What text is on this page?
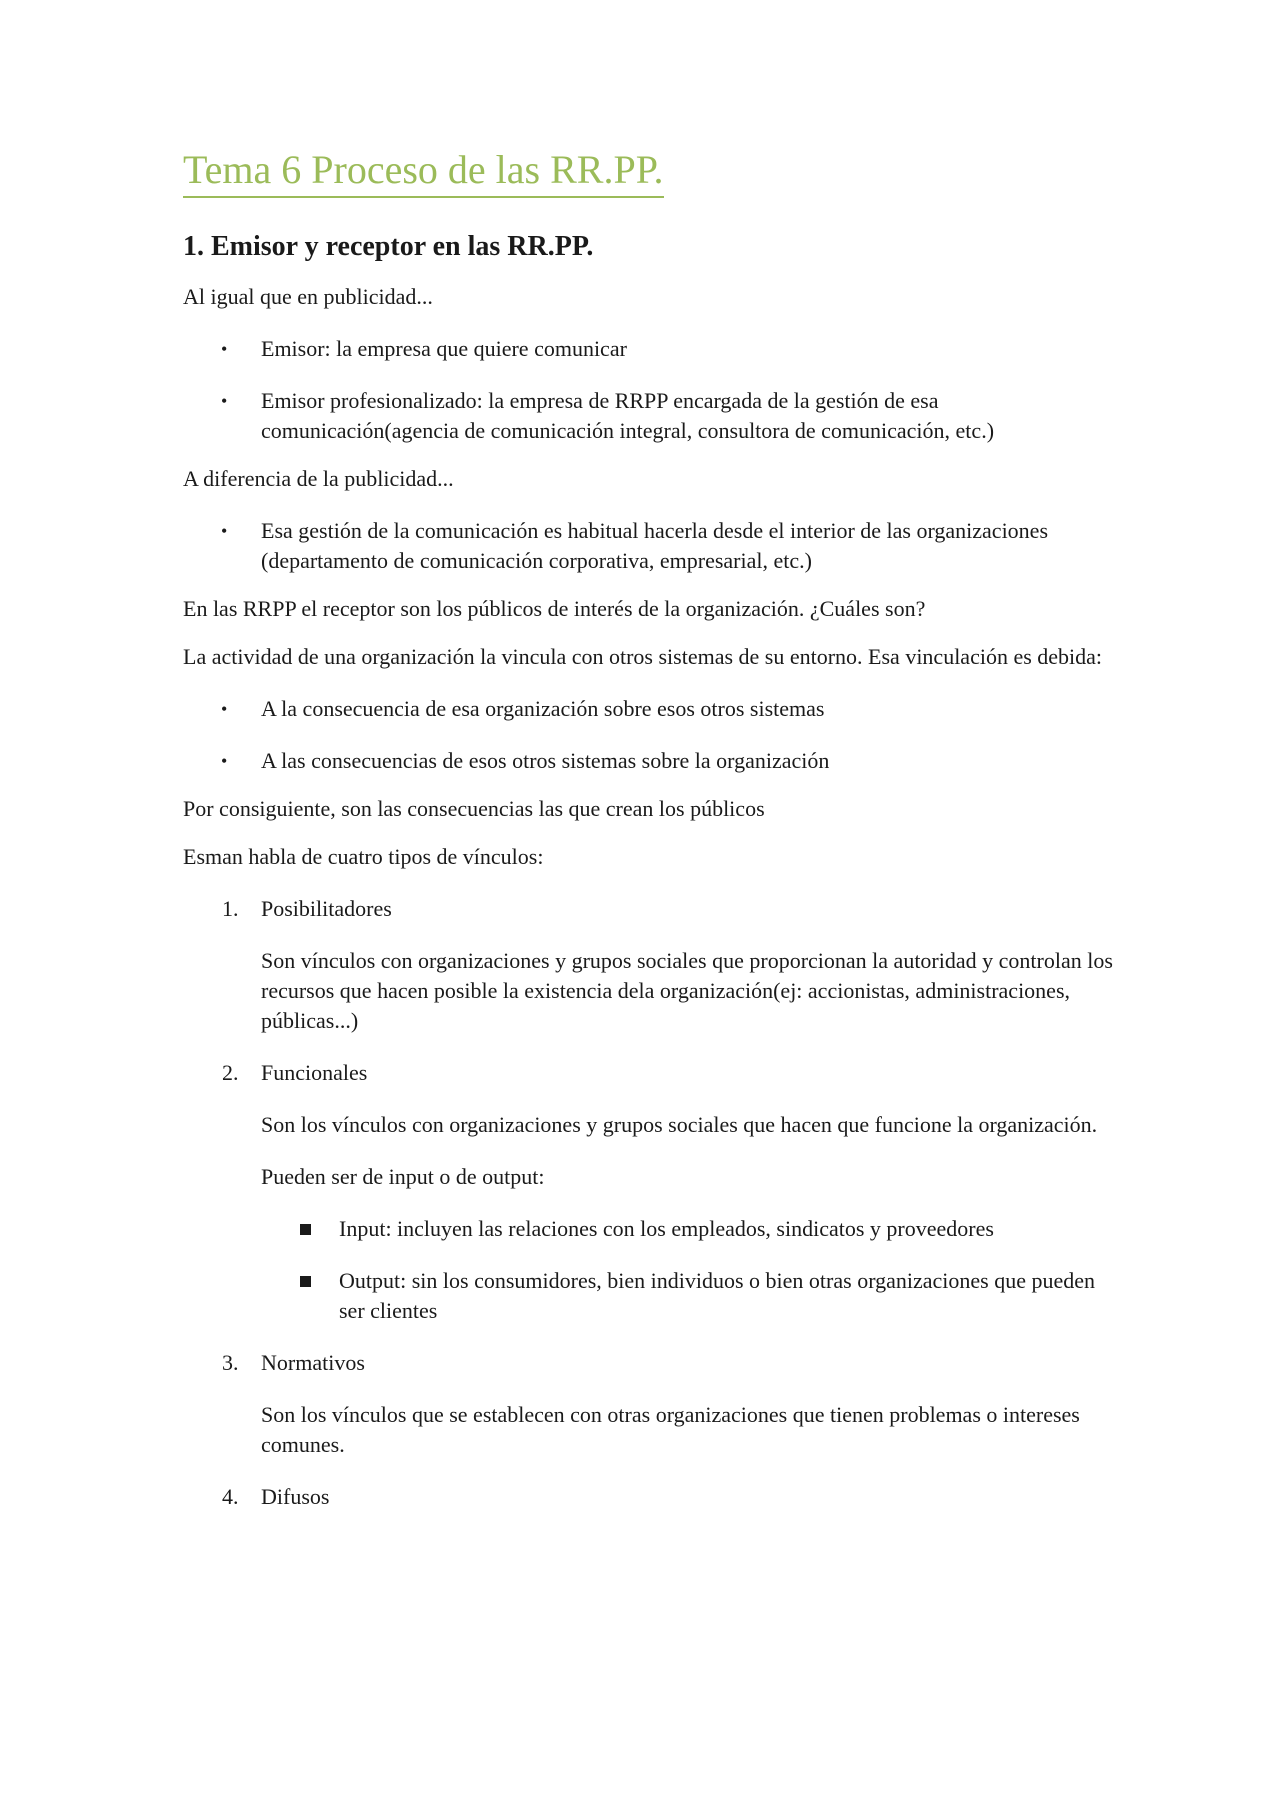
Tema 6 Proceso de las RR.PP.
1. Emisor y receptor en las RR.PP.

Al igual que en publicidad...

• Emisor: la empresa que quiere comunicar
• Emisor profesionalizado: la empresa de RRPP encargada de la gestión de esa comunicación(agencia de comunicación integral, consultora de comunicación, etc.)

A diferencia de la publicidad...

• Esa gestión de la comunicación es habitual hacerla desde el interior de las organizaciones (departamento de comunicación corporativa, empresarial, etc.)

En las RRPP el receptor son los públicos de interés de la organización. ¿Cuáles son?

La actividad de una organización la vincula con otros sistemas de su entorno. Esa vinculación es debida:

• A la consecuencia de esa organización sobre esos otros sistemas
• A las consecuencias de esos otros sistemas sobre la organización

Por consiguiente, son las consecuencias las que crean los públicos

Esman habla de cuatro tipos de vínculos:

1. Posibilitadores

Son vínculos con organizaciones y grupos sociales que proporcionan la autoridad y controlan los recursos que hacen posible la existencia dela organización(ej: accionistas, administraciones, públicas...)

2. Funcionales

Son los vínculos con organizaciones y grupos sociales que hacen que funcione la organización.

Pueden ser de input o de output:

Input: incluyen las relaciones con los empleados, sindicatos y proveedores
Output: sin los consumidores, bien individuos o bien otras organizaciones que pueden ser clientes
3. Normativos

Son los vínculos que se establecen con otras organizaciones que tienen problemas o intereses comunes.

4. Difusos
